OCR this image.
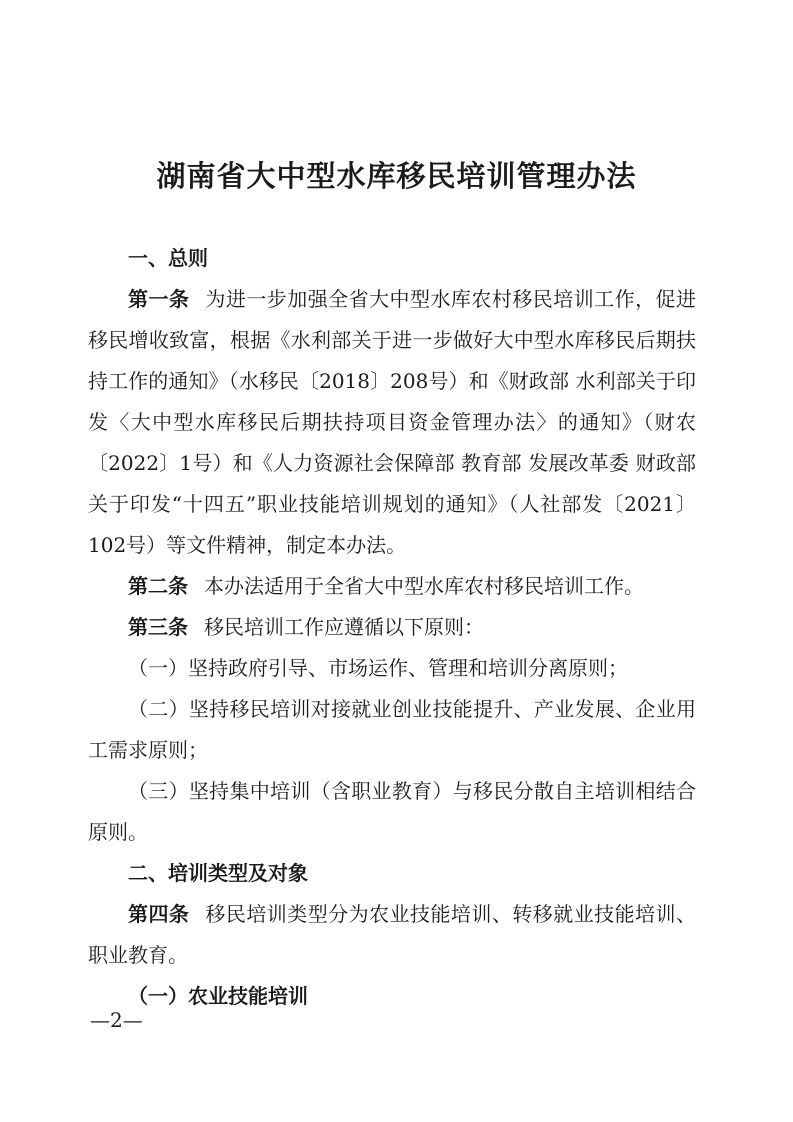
湖南省大中型水库移民培训管理办法

一、总则

第一条 为进一步加强全省大中型水库农村移民培训工作，促进移民增收致富，根据《水利部关于进一步做好大中型水库移民后期扶持工作的通知》（水移民〔2018〕208号）和《财政部 水利部关于印发〈大中型水库移民后期扶持项目资金管理办法〉的通知》（财农〔2022〕1号）和《人力资源社会保障部 教育部 发展改革委 财政部关于印发“十四五”职业技能培训规划的通知》（人社部发〔2021〕102号）等文件精神，制定本办法。

第二条 本办法适用于全省大中型水库农村移民培训工作。

第三条 移民培训工作应遵循以下原则：

（一）坚持政府引导、市场运作、管理和培训分离原则；

（二）坚持移民培训对接就业创业技能提升、产业发展、企业用工需求原则；

（三）坚持集中培训（含职业教育）与移民分散自主培训相结合原则。

二、培训类型及对象

第四条 移民培训类型分为农业技能培训、转移就业技能培训、职业教育。

（一）农业技能培训

—2—
